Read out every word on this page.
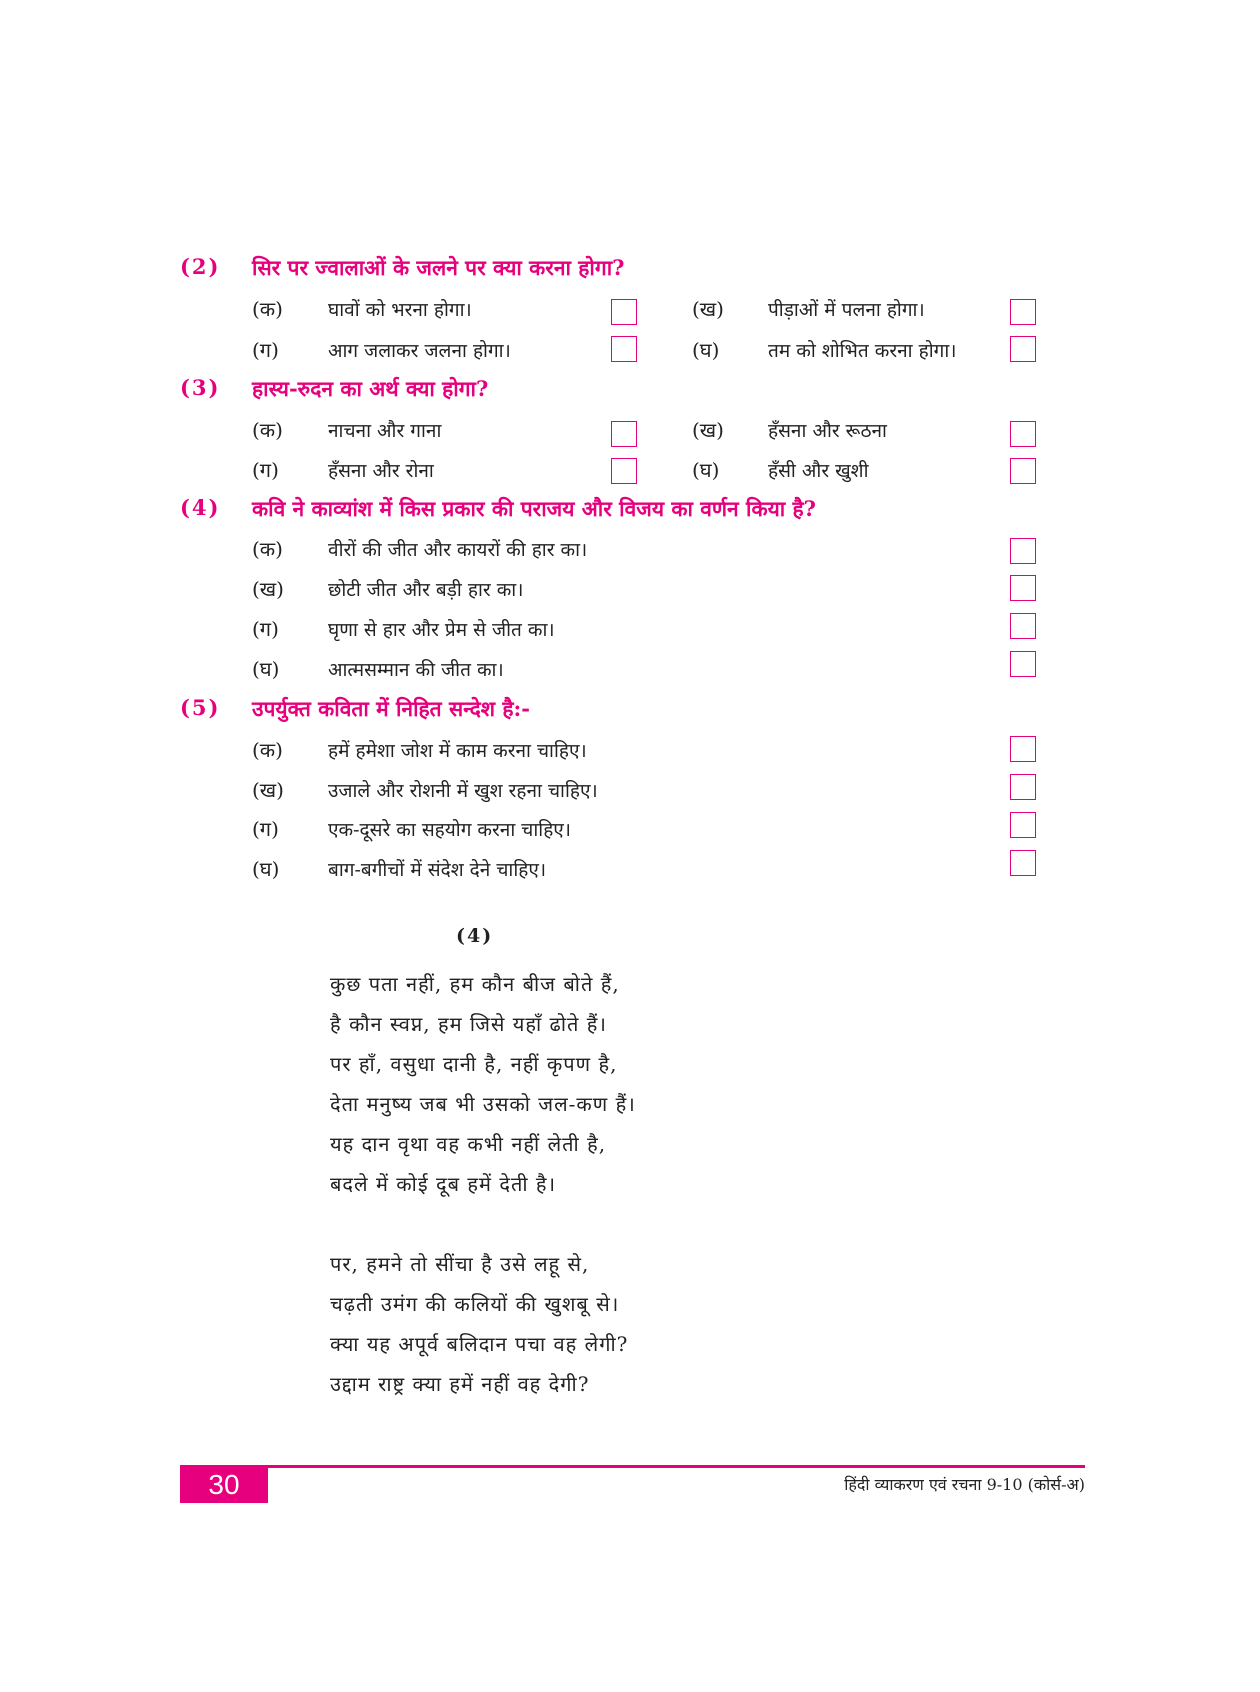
(2) सिर पर ज्वालाओं के जलने पर क्या करना होगा?
(क) घावों को भरना होगा।	(ख) पीड़ाओं में पलना होगा।
(ग)	आग जलाकर जलना होगा।	(घ)	तम को शोभित करना होगा।
(3) हास्य-रुदन का अर्थ क्या होगा?
(क) नाचना और गाना	(ख) हँसना और रूठना
(ग)	हँसना और रोना	(घ)	हँसी और खुशी
(4) कवि ने काव्यांश में किस प्रकार की पराजय और विजय का वर्णन किया है?
(क) वीरों की जीत और कायरों की हार का।
(ख) छोटी जीत और बड़ी हार का।
(ग)	घृणा से हार और प्रेम से जीत का।
(घ)	आत्मसम्मान की जीत का।
(5) उपर्युक्त कविता में निहित सन्देश है:-
(क) हमें हमेशा जोश में काम करना चाहिए।
(ख) उजाले और रोशनी में खुश रहना चाहिए।
(ग)	एक-दूसरे का सहयोग करना चाहिए।
(घ)	बाग-बगीचों में संदेश देने चाहिए।
(4)
कुछ पता नहीं, हम कौन बीज बोते हैं,
है कौन स्वप्न, हम जिसे यहाँ ढोते हैं।
पर हाँ, वसुधा दानी है, नहीं कृपण है,
देता मनुष्य जब भी उसको जल-कण हैं।
यह दान वृथा वह कभी नहीं लेती है,
बदले में कोई दूब हमें देती है।
पर, हमने तो सींचा है उसे लहू से,
चढ़ती उमंग की कलियों की खुशबू से।
क्या यह अपूर्व बलिदान पचा वह लेगी?
उद्दाम राष्ट्र क्या हमें नहीं वह देगी?
30	हिंदी व्याकरण एवं रचना 9-10 (कोर्स-अ)
